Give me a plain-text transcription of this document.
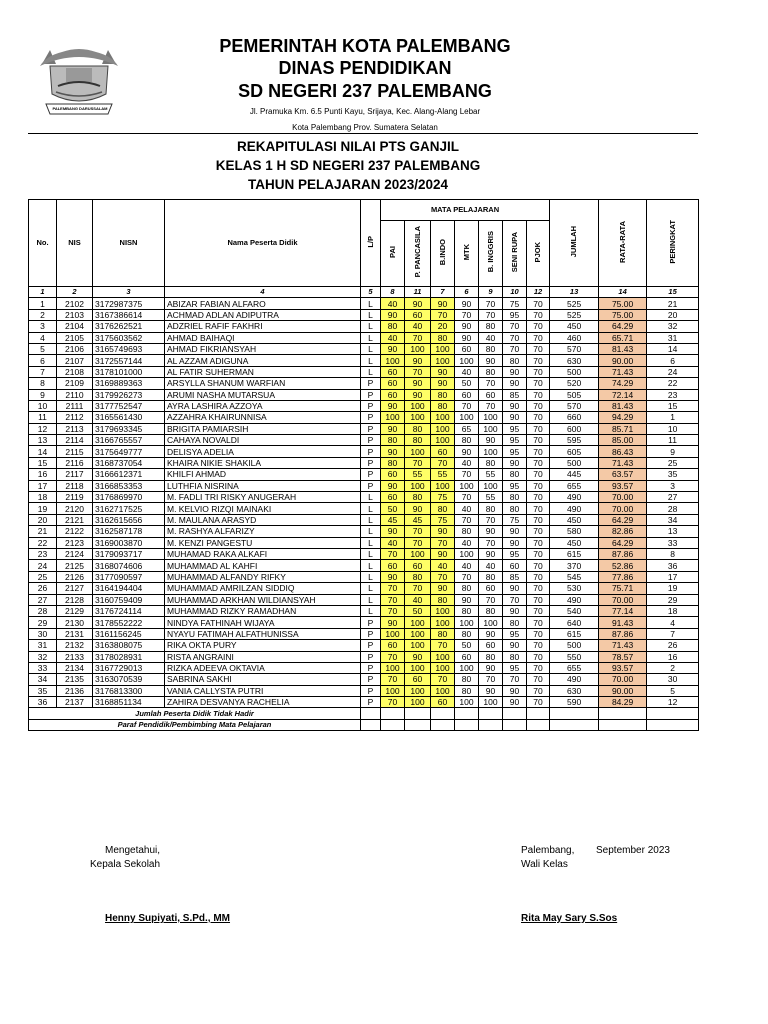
PALEMBANG DARUSSALAM
PEMERINTAH KOTA PALEMBANG
DINAS PENDIDIKAN
SD NEGERI 237 PALEMBANG
Jl. Pramuka Km. 6.5 Punti Kayu, Srijaya, Kec. Alang-Alang Lebar
Kota Palembang Prov. Sumatera Selatan
REKAPITULASI NILAI PTS GANJIL
KELAS 1 H SD NEGERI 237 PALEMBANG
TAHUN PELAJARAN 2023/2024
No.	NIS	NISN	Nama Peserta Didik	L/P	MATA PELAJARAN							JUMLAH	RATA-RATA	PERINGKAT
					PAI	P. PANCASILA	B.INDO	MTK	B. INGGRIS	SENI RUPA	PJOK			
1	2	3	4	5	8	11	7	6	9	10	12	13	14	15
1	2102	3172987375	ABIZAR FABIAN ALFARO	L	40	90	90	90	70	75	70	525	75.00	21
2	2103	3167386614	ACHMAD ADLAN ADIPUTRA	L	90	60	70	70	70	95	70	525	75.00	20
3	2104	3176262521	ADZRIEL RAFIF FAKHRI	L	80	40	20	90	80	70	70	450	64.29	32
4	2105	3175603562	AHMAD BAIHAQI	L	40	70	80	90	40	70	70	460	65.71	31
5	2106	3165749693	AHMAD FIKRIANSYAH	L	90	100	100	60	80	70	70	570	81.43	14
6	2107	3172557144	AL AZZAM ADIGUNA	L	100	90	100	100	90	80	70	630	90.00	6
7	2108	3178101000	AL FATIR SUHERMAN	L	60	70	90	40	80	90	70	500	71.43	24
8	2109	3169889363	ARSYLLA SHANUM WARFIAN	P	60	90	90	50	70	90	70	520	74.29	22
9	2110	3179926273	ARUMI NASHA MUTARSUA	P	60	90	80	60	60	85	70	505	72.14	23
10	2111	3177752547	AYRA LASHIRA AZZOYA	P	90	100	80	70	70	90	70	570	81.43	15
11	2112	3165561430	AZZAHRA KHAIRUNNISA	P	100	100	100	100	100	90	70	660	94.29	1
12	2113	3179693345	BRIGITA PAMIARSIH	P	90	80	100	65	100	95	70	600	85.71	10
13	2114	3166765557	CAHAYA NOVALDI	P	80	80	100	80	90	95	70	595	85.00	11
14	2115	3175649777	DELISYA ADELIA	P	90	100	60	90	100	95	70	605	86.43	9
15	2116	3168737054	KHAIRA NIKIE SHAKILA	P	80	70	70	40	80	90	70	500	71.43	25
16	2117	3166612371	KHILFI AHMAD	P	60	55	55	70	55	80	70	445	63.57	35
17	2118	3166853353	LUTHFIA NISRINA	P	90	100	100	100	100	95	70	655	93.57	3
18	2119	3176869970	M. FADLI TRI RISKY ANUGERAH	L	60	80	75	70	55	80	70	490	70.00	27
19	2120	3162717525	M. KELVIO RIZQI MAINAKI	L	50	90	80	40	80	80	70	490	70.00	28
20	2121	3162615656	M. MAULANA ARASYD	L	45	45	75	70	70	75	70	450	64.29	34
21	2122	3162587178	M. RASHYA ALFARIZY	L	90	70	90	80	90	90	70	580	82.86	13
22	2123	3169003870	M. KENZI PANGESTU	L	40	70	70	40	70	90	70	450	64.29	33
23	2124	3179093717	MUHAMAD RAKA ALKAFI	L	70	100	90	100	90	95	70	615	87.86	8
24	2125	3168074606	MUHAMMAD AL KAHFI	L	60	60	40	40	40	60	70	370	52.86	36
25	2126	3177090597	MUHAMMAD ALFANDY RIFKY	L	90	80	70	70	80	85	70	545	77.86	17
26	2127	3164194404	MUHAMMAD AMRILZAN SIDDIQ	L	70	70	90	80	60	90	70	530	75.71	19
27	2128	3160759409	MUHAMMAD ARKHAN WILDIANSYAH	L	70	40	80	90	70	70	70	490	70.00	29
28	2129	3176724114	MUHAMMAD RIZKY RAMADHAN	L	70	50	100	80	80	90	70	540	77.14	18
29	2130	3178552222	NINDYA FATHINAH WIJAYA	P	90	100	100	100	100	80	70	640	91.43	4
30	2131	3161156245	NYAYU FATIMAH ALFATHUNISSA	P	100	100	80	80	90	95	70	615	87.86	7
31	2132	3163808075	RIKA OKTA PURY	P	60	100	70	50	60	90	70	500	71.43	26
32	2133	3178028931	RISTA ANGRAINI	P	70	90	100	60	80	80	70	550	78.57	16
33	2134	3167729013	RIZKA ADEEVA OKTAVIA	P	100	100	100	100	90	95	70	655	93.57	2
34	2135	3163070539	SABRINA SAKHI	P	70	60	70	80	70	70	70	490	70.00	30
35	2136	3176813300	VANIA CALLYSTA PUTRI	P	100	100	100	80	90	90	70	630	90.00	5
36	2137	3168851134	ZAHIRA DESVANYA RACHELIA	P	70	100	60	100	100	90	70	590	84.29	12
Jumlah Peserta Didik Tidak Hadir														
Paraf Pendidik/Pembimbing Mata Pelajaran														
Mengetahui,
Kepala Sekolah
Henny Supiyati, S.Pd., MM
Palembang, September 2023
Wali Kelas
Rita May Sary S.Sos
